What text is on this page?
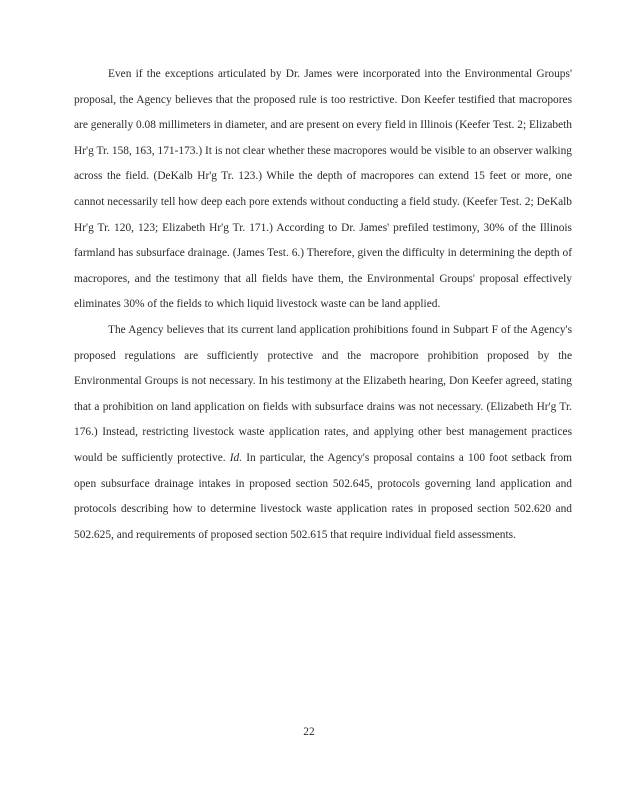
Even if the exceptions articulated by Dr. James were incorporated into the Environmental Groups' proposal, the Agency believes that the proposed rule is too restrictive. Don Keefer testified that macropores are generally 0.08 millimeters in diameter, and are present on every field in Illinois (Keefer Test. 2; Elizabeth Hr'g Tr. 158, 163, 171-173.) It is not clear whether these macropores would be visible to an observer walking across the field. (DeKalb Hr'g Tr. 123.) While the depth of macropores can extend 15 feet or more, one cannot necessarily tell how deep each pore extends without conducting a field study. (Keefer Test. 2; DeKalb Hr'g Tr. 120, 123; Elizabeth Hr'g Tr. 171.) According to Dr. James' prefiled testimony, 30% of the Illinois farmland has subsurface drainage. (James Test. 6.) Therefore, given the difficulty in determining the depth of macropores, and the testimony that all fields have them, the Environmental Groups' proposal effectively eliminates 30% of the fields to which liquid livestock waste can be land applied.

The Agency believes that its current land application prohibitions found in Subpart F of the Agency's proposed regulations are sufficiently protective and the macropore prohibition proposed by the Environmental Groups is not necessary. In his testimony at the Elizabeth hearing, Don Keefer agreed, stating that a prohibition on land application on fields with subsurface drains was not necessary. (Elizabeth Hr'g Tr. 176.) Instead, restricting livestock waste application rates, and applying other best management practices would be sufficiently protective. Id. In particular, the Agency's proposal contains a 100 foot setback from open subsurface drainage intakes in proposed section 502.645, protocols governing land application and protocols describing how to determine livestock waste application rates in proposed section 502.620 and 502.625, and requirements of proposed section 502.615 that require individual field assessments.

22
